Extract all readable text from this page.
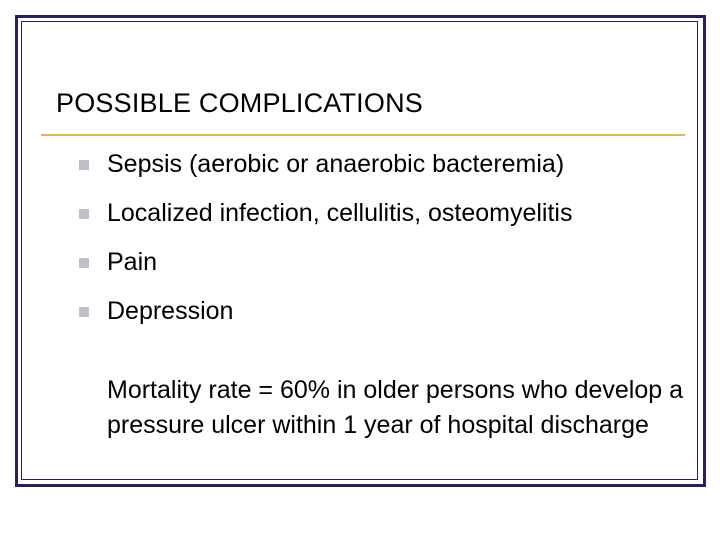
POSSIBLE COMPLICATIONS
Sepsis (aerobic or anaerobic bacteremia)
Localized infection, cellulitis, osteomyelitis
Pain
Depression
Mortality rate = 60% in older persons who develop a pressure ulcer within 1 year of hospital discharge
